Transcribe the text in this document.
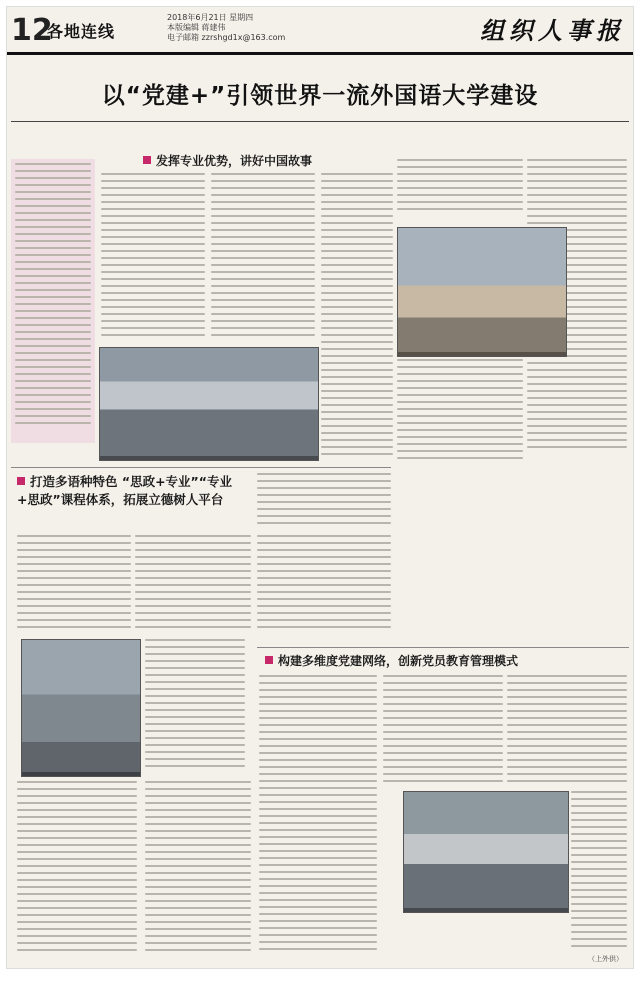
12
各地连线
2018年6月21日 星期四
本版编辑 蒋建伟
电子邮箱 zzrshgd1x@163.com	组织人事报
以“党建+”引领世界一流外国语大学建设
发挥专业优势，讲好中国故事
打造多语种特色 “思政+专业”“专业+思政”课程体系，拓展立德树人平台
构建多维度党建网络，创新党员教育管理模式
（上外供）
